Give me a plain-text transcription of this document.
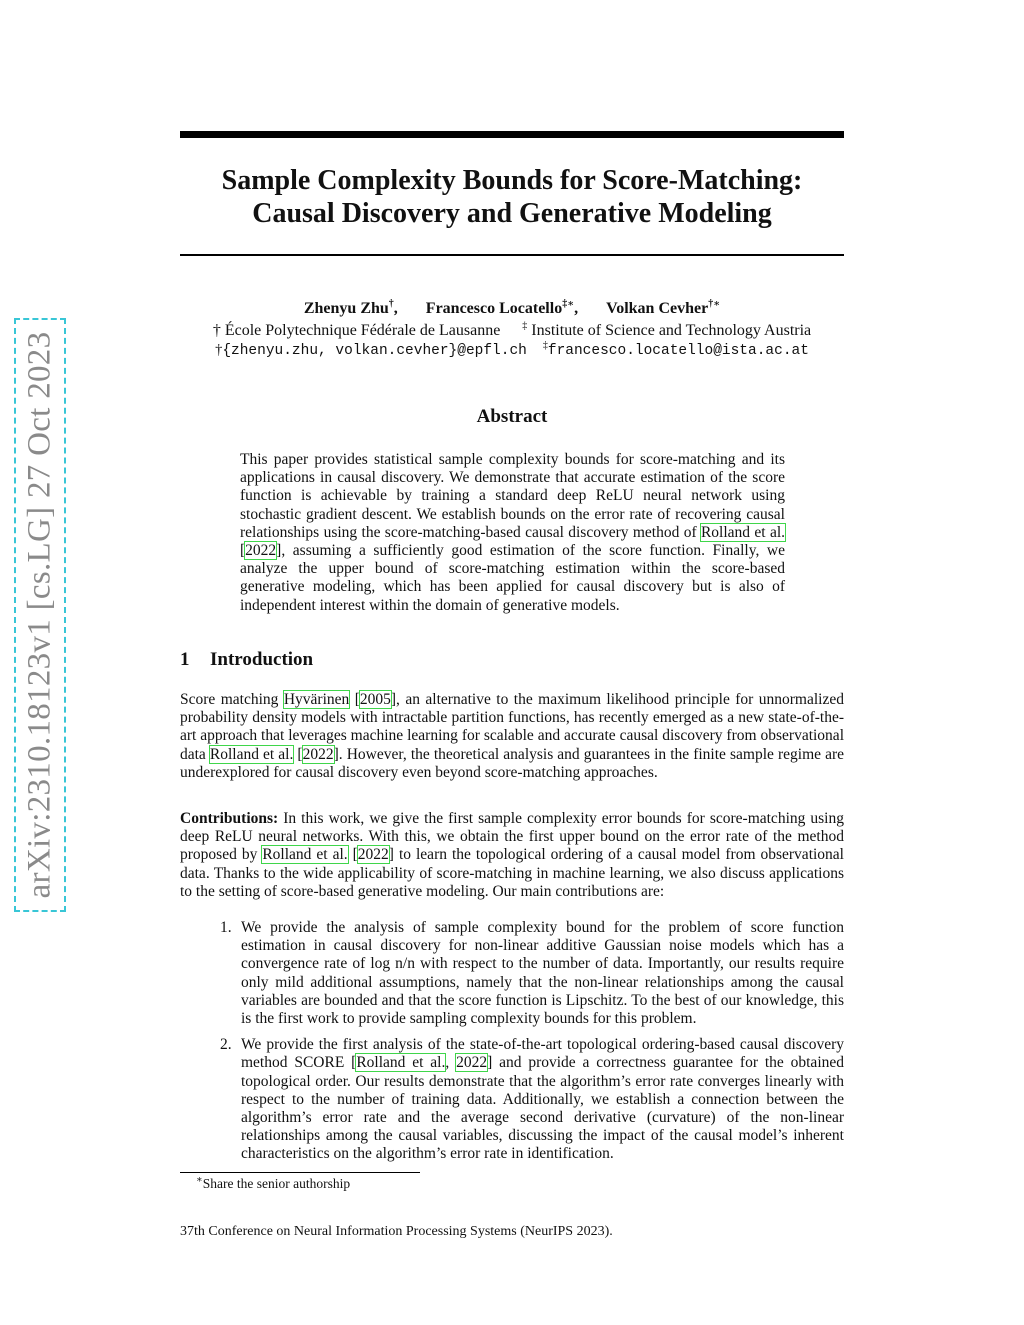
arXiv:2310.18123v1 [cs.LG] 27 Oct 2023
Sample Complexity Bounds for Score-Matching:
Causal Discovery and Generative Modeling
Zhenyu Zhu†, Francesco Locatello‡∗, Volkan Cevher†∗
† École Polytechnique Fédérale de Lausanne ‡ Institute of Science and Technology Austria
†{zhenyu.zhu, volkan.cevher}@epfl.ch ‡francesco.locatello@ista.ac.at
Abstract

This paper provides statistical sample complexity bounds for score-matching and its applications in causal discovery. We demonstrate that accurate estimation of the score function is achievable by training a standard deep ReLU neural network using stochastic gradient descent. We establish bounds on the error rate of recovering causal relationships using the score-matching-based causal discovery method of Rolland et al. [2022], assuming a sufficiently good estimation of the score function. Finally, we analyze the upper bound of score-matching estimation within the score-based generative modeling, which has been applied for causal discovery but is also of independent interest within the domain of generative models.

1 Introduction

Score matching Hyvärinen [2005], an alternative to the maximum likelihood principle for unnormalized probability density models with intractable partition functions, has recently emerged as a new state-of-the-art approach that leverages machine learning for scalable and accurate causal discovery from observational data Rolland et al. [2022]. However, the theoretical analysis and guarantees in the finite sample regime are underexplored for causal discovery even beyond score-matching approaches.

Contributions: In this work, we give the first sample complexity error bounds for score-matching using deep ReLU neural networks. With this, we obtain the first upper bound on the error rate of the method proposed by Rolland et al. [2022] to learn the topological ordering of a causal model from observational data. Thanks to the wide applicability of score-matching in machine learning, we also discuss applications to the setting of score-based generative modeling. Our main contributions are:

1. We provide the analysis of sample complexity bound for the problem of score function estimation in causal discovery for non-linear additive Gaussian noise models which has a convergence rate of log n/n with respect to the number of data. Importantly, our results require only mild additional assumptions, namely that the non-linear relationships among the causal variables are bounded and that the score function is Lipschitz. To the best of our knowledge, this is the first work to provide sampling complexity bounds for this problem.
2. We provide the first analysis of the state-of-the-art topological ordering-based causal discovery method SCORE [Rolland et al., 2022] and provide a correctness guarantee for the obtained topological order. Our results demonstrate that the algorithm’s error rate converges linearly with respect to the number of training data. Additionally, we establish a connection between the algorithm’s error rate and the average second derivative (curvature) of the non-linear relationships among the causal variables, discussing the impact of the causal model’s inherent characteristics on the algorithm’s error rate in identification.
∗Share the senior authorship
37th Conference on Neural Information Processing Systems (NeurIPS 2023).
